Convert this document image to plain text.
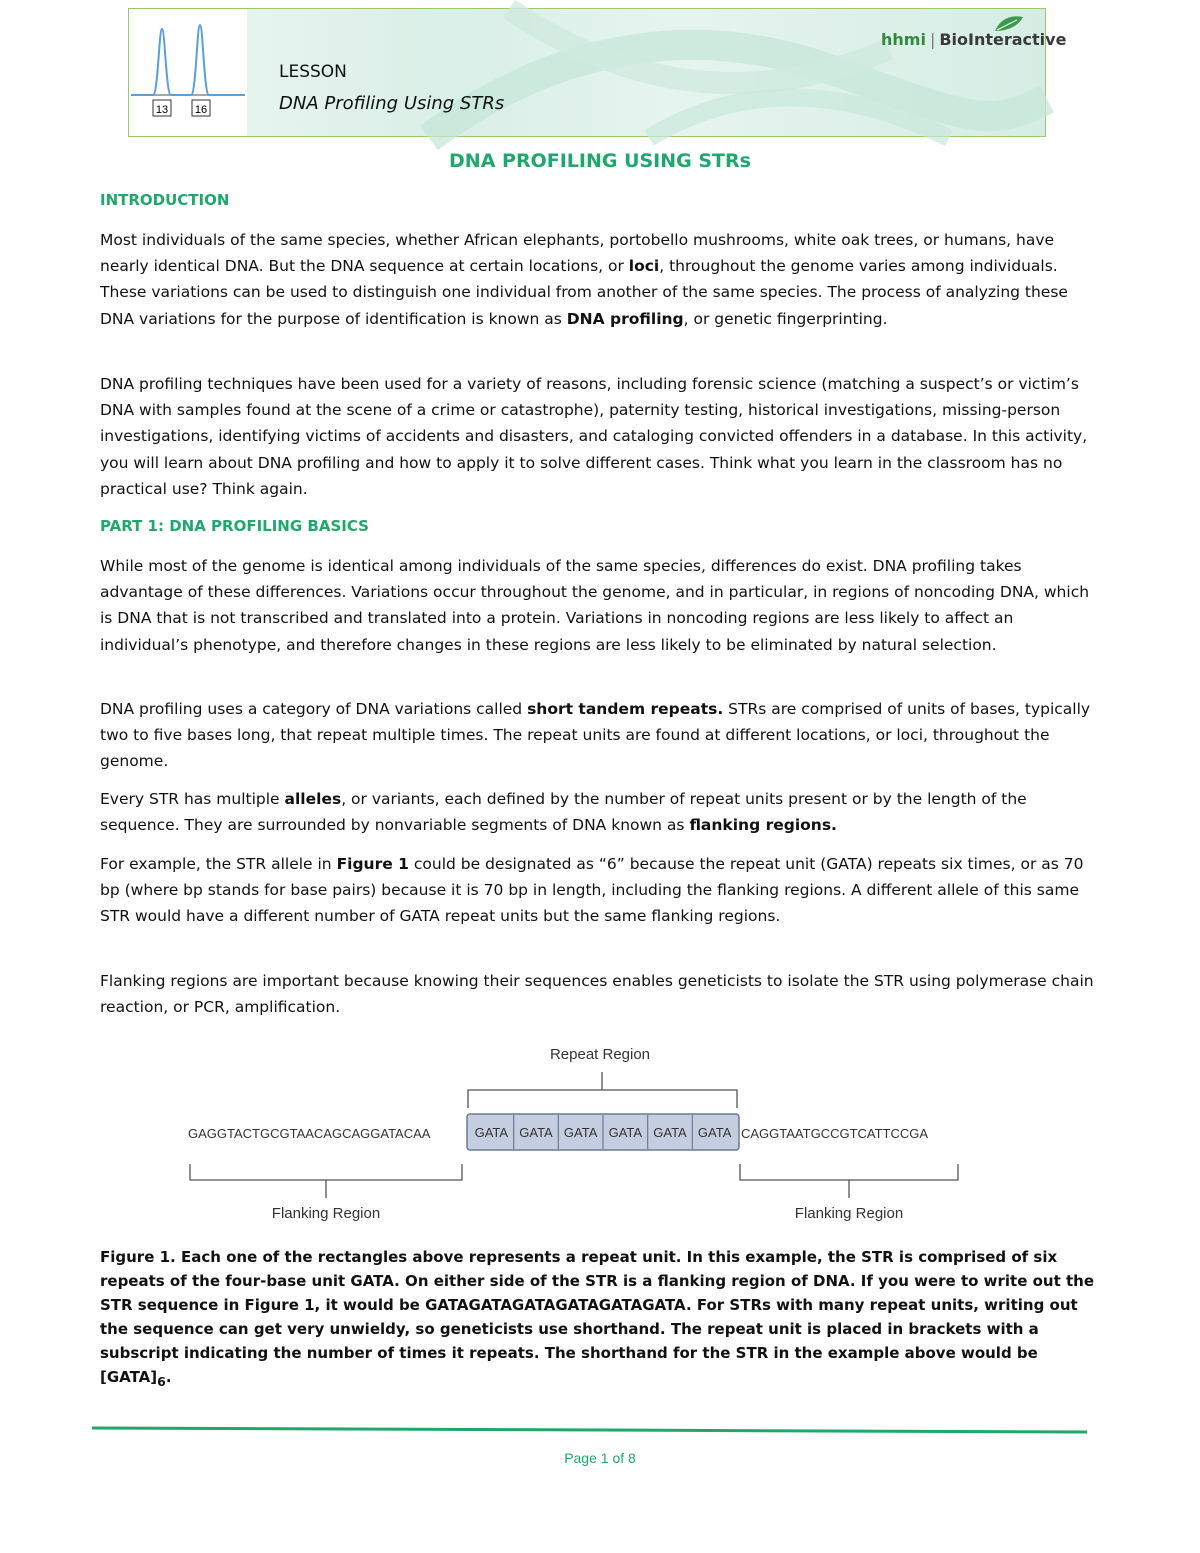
13 16
LESSON
DNA Profiling Using STRs
hhmi | BioInteractive
DNA PROFILING USING STRs
INTRODUCTION

Most individuals of the same species, whether African elephants, portobello mushrooms, white oak trees, or humans, have nearly identical DNA. But the DNA sequence at certain locations, or loci, throughout the genome varies among individuals. These variations can be used to distinguish one individual from another of the same species. The process of analyzing these DNA variations for the purpose of identification is known as DNA profiling, or genetic fingerprinting.

DNA profiling techniques have been used for a variety of reasons, including forensic science (matching a suspect’s or victim’s DNA with samples found at the scene of a crime or catastrophe), paternity testing, historical investigations, missing-person investigations, identifying victims of accidents and disasters, and cataloging convicted offenders in a database. In this activity, you will learn about DNA profiling and how to apply it to solve different cases. Think what you learn in the classroom has no practical use? Think again.

PART 1: DNA PROFILING BASICS

While most of the genome is identical among individuals of the same species, differences do exist. DNA profiling takes advantage of these differences. Variations occur throughout the genome, and in particular, in regions of noncoding DNA, which is DNA that is not transcribed and translated into a protein. Variations in noncoding regions are less likely to affect an individual’s phenotype, and therefore changes in these regions are less likely to be eliminated by natural selection.

DNA profiling uses a category of DNA variations called short tandem repeats. STRs are comprised of units of bases, typically two to five bases long, that repeat multiple times. The repeat units are found at different locations, or loci, throughout the genome.

Every STR has multiple alleles, or variants, each defined by the number of repeat units present or by the length of the sequence. They are surrounded by nonvariable segments of DNA known as flanking regions.

For example, the STR allele in Figure 1 could be designated as “6” because the repeat unit (GATA) repeats six times, or as 70 bp (where bp stands for base pairs) because it is 70 bp in length, including the flanking regions. A different allele of this same STR would have a different number of GATA repeat units but the same flanking regions.

Flanking regions are important because knowing their sequences enables geneticists to isolate the STR using polymerase chain reaction, or PCR, amplification.

Repeat Region
GAGGTACTGCGTAACAGCAGGATACAA	GATA GATA GATA GATA GATA GATA CAGGTAATGCCGTCATTCCGA
Flanking Region	Flanking Region

Figure 1. Each one of the rectangles above represents a repeat unit. In this example, the STR is comprised of six repeats of the four-base unit GATA. On either side of the STR is a flanking region of DNA. If you were to write out the STR sequence in Figure 1, it would be GATAGATAGATAGATAGATAGATA. For STRs with many repeat units, writing out the sequence can get very unwieldy, so geneticists use shorthand. The repeat unit is placed in brackets with a subscript indicating the number of times it repeats. The shorthand for the STR in the example above would be $[GATA]_6$.

Page 1 of 8
